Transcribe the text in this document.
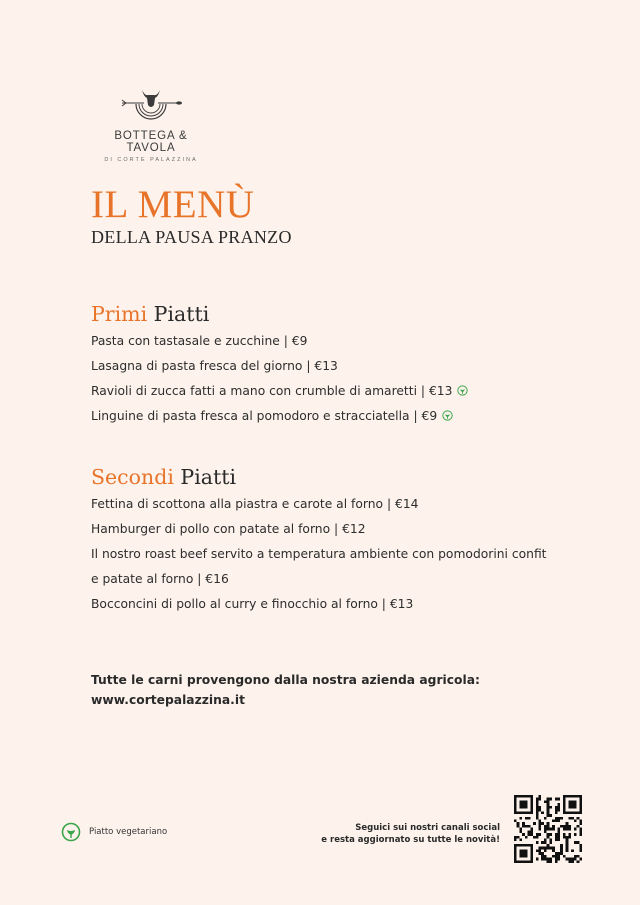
BOTTEGA & TAVOLA
DI CORTE PALAZZINA
IL MENÙ
DELLA PAUSA PRANZO
Primi Piatti
Pasta con tastasale e zucchine | €9
Lasagna di pasta fresca del giorno | €13
Ravioli di zucca fatti a mano con crumble di amaretti | €13
Linguine di pasta fresca al pomodoro e stracciatella | €9
Secondi Piatti
Fettina di scottona alla piastra e carote al forno | €14
Hamburger di pollo con patate al forno | €12
Il nostro roast beef servito a temperatura ambiente con pomodorini confit
e patate al forno | €16
Bocconcini di pollo al curry e finocchio al forno | €13
Tutte le carni provengono dalla nostra azienda agricola:
www.cortepalazzina.it
Piatto vegetariano	Seguici sui nostri canali social
e resta aggiornato su tutte le novità!
